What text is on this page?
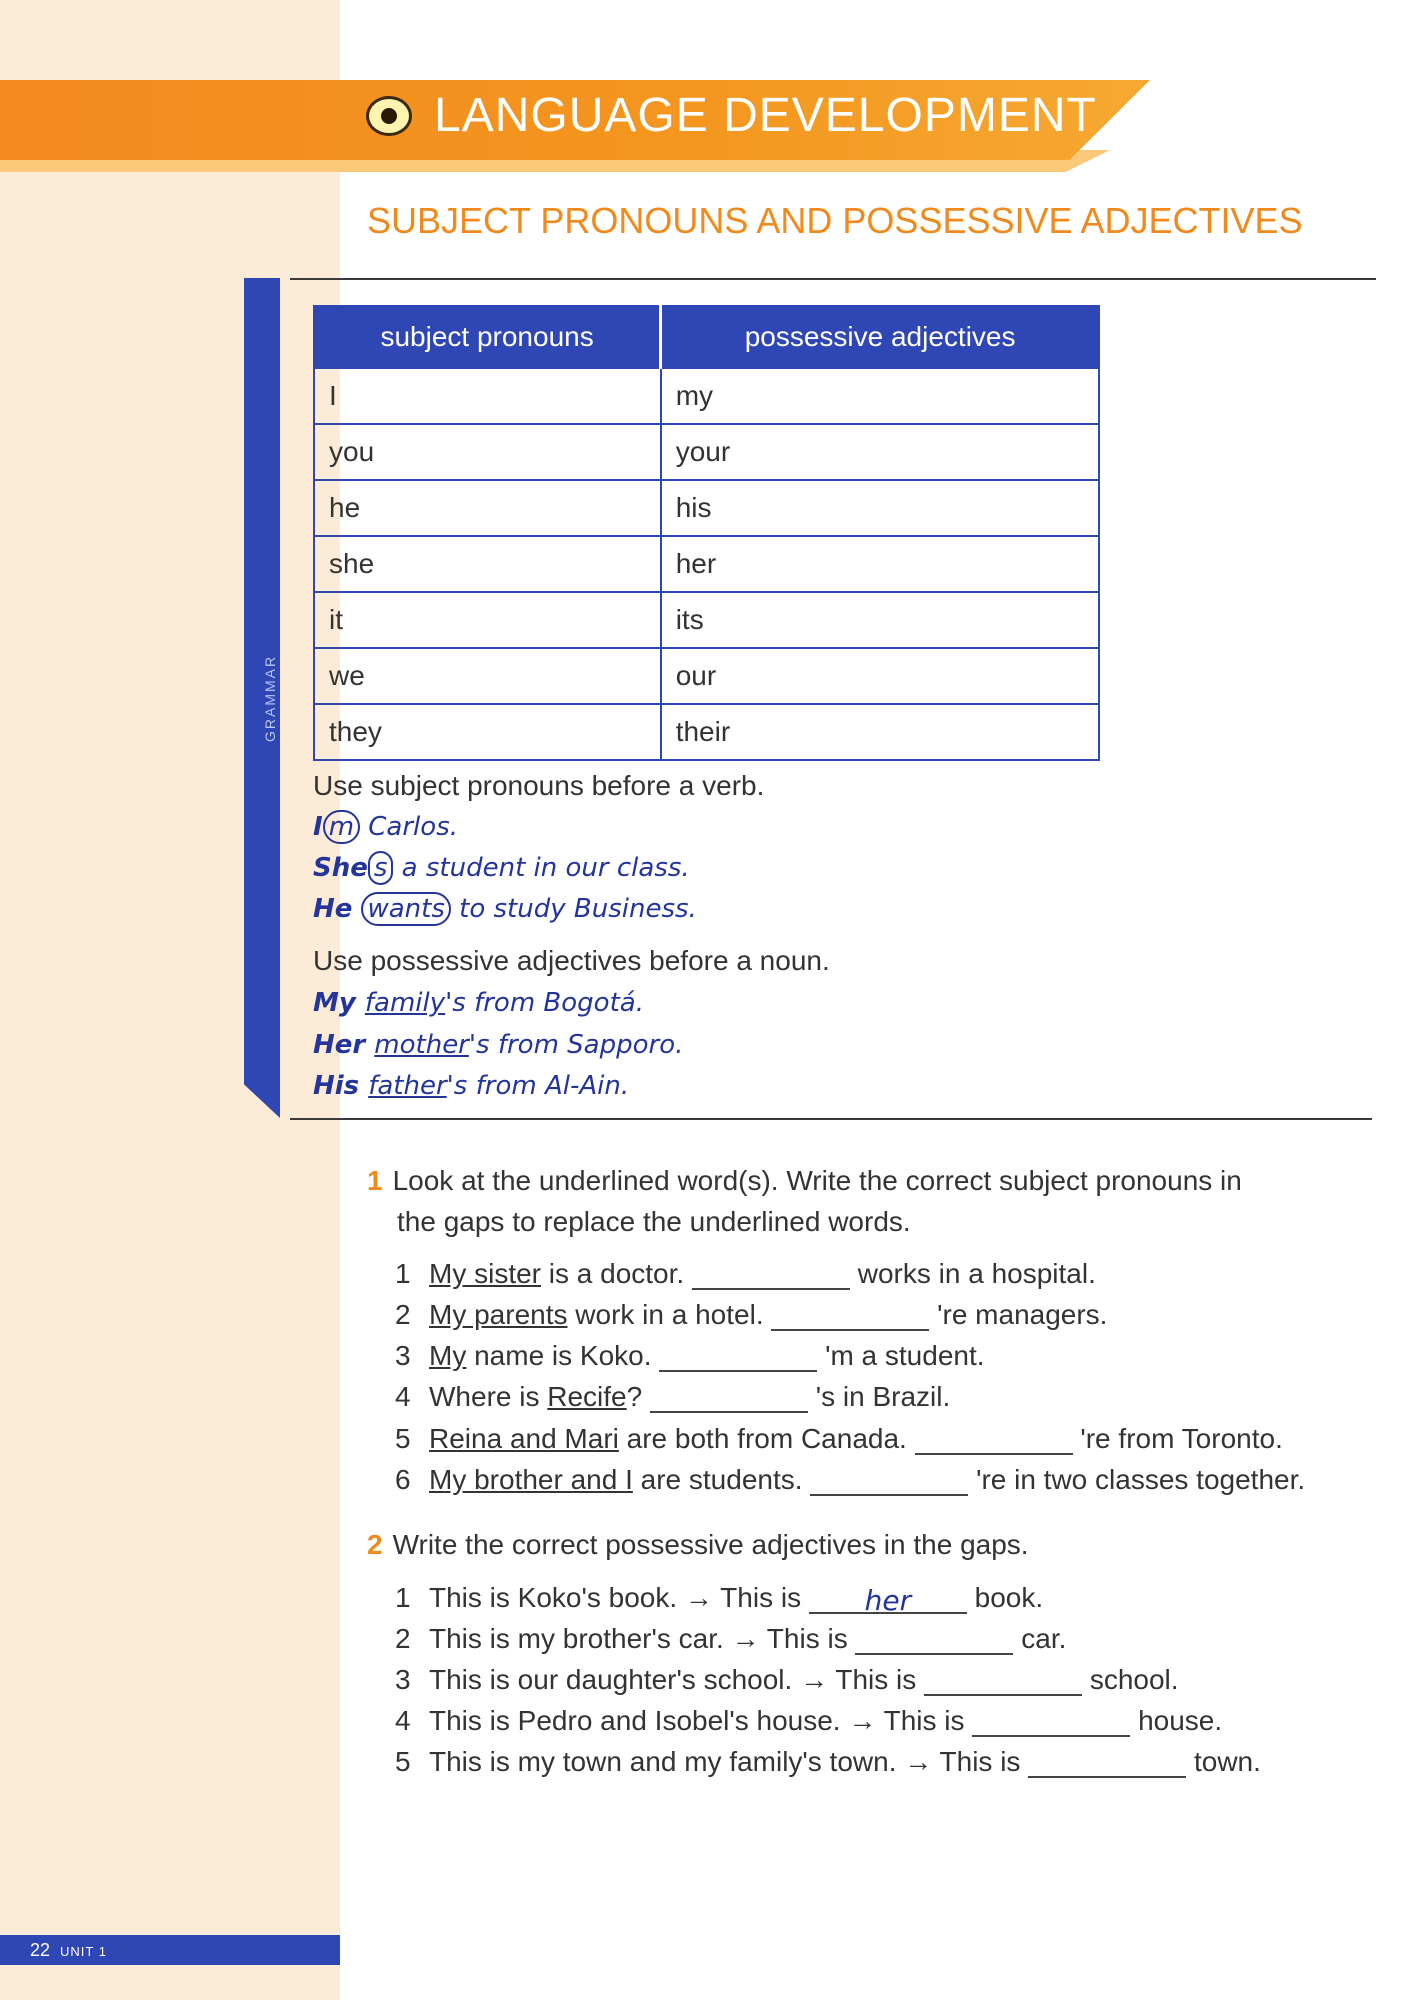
LANGUAGE DEVELOPMENT
SUBJECT PRONOUNS AND POSSESSIVE ADJECTIVES
subject pronouns	possessive adjectives
I	my
you	your
he	his
she	her
it	its
we	our
they	their
Use subject pronouns before a verb.
I m Carlos.
She s a student in our class.
He wants to study Business.
Use possessive adjectives before a noun.
My family's from Bogotá.
Her mother's from Sapporo.
His father's from Al-Ain.
1 Look at the underlined word(s). Write the correct subject pronouns in
the gaps to replace the underlined words.
1 My sister is a doctor.	works in a hospital.
2 My parents work in a hotel.	're managers.
3 My name is Koko.	'm a student.
4 Where is Recife?	's in Brazil.
5 Reina and Mari are both from Canada.	're from Toronto.
6 My brother and I are students.	're in two classes together.
2 Write the correct possessive adjectives in the gaps.
1 This is Koko's book. → This is her book.
2 This is my brother's car. → This is	car.
3 This is our daughter's school. → This is	school.
4 This is Pedro and Isobel's house. → This is	house.
5 This is my town and my family's town. → This is	town.
22 UNIT 1
